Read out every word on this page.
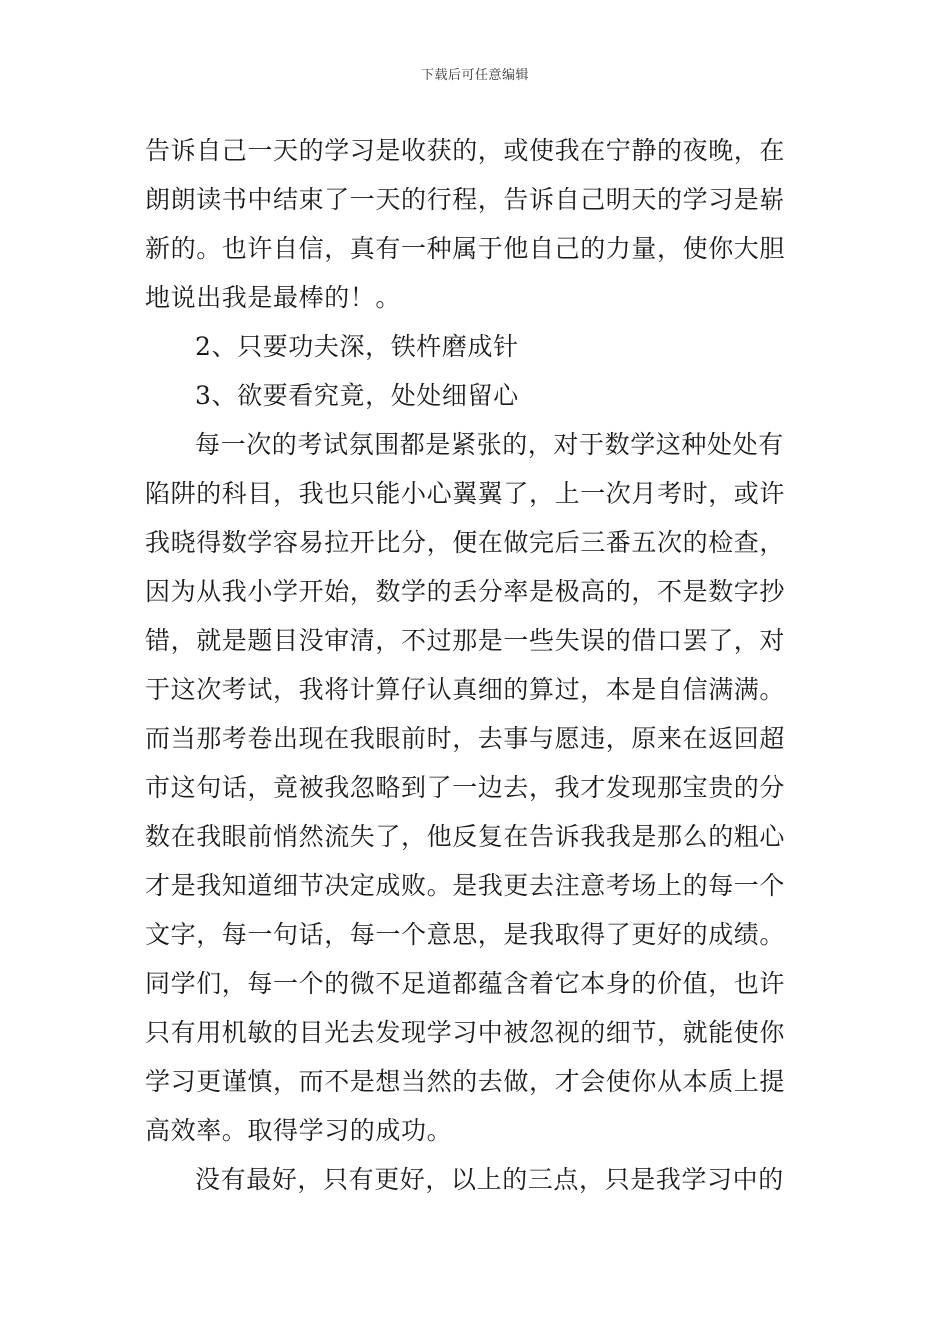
下载后可任意编辑
告诉自己一天的学习是收获的，或使我在宁静的夜晚，在
朗朗读书中结束了一天的行程，告诉自己明天的学习是崭
新的。也许自信，真有一种属于他自己的力量，使你大胆
地说出我是最棒的！。
2、只要功夫深，铁杵磨成针
3、欲要看究竟，处处细留心
每一次的考试氛围都是紧张的，对于数学这种处处有
陷阱的科目，我也只能小心翼翼了，上一次月考时，或许
我晓得数学容易拉开比分，便在做完后三番五次的检查，
因为从我小学开始，数学的丢分率是极高的，不是数字抄
错，就是题目没审清，不过那是一些失误的借口罢了，对
于这次考试，我将计算仔认真细的算过，本是自信满满。
而当那考卷出现在我眼前时，去事与愿违，原来在返回超
市这句话，竟被我忽略到了一边去，我才发现那宝贵的分
数在我眼前悄然流失了，他反复在告诉我我是那么的粗心
才是我知道细节决定成败。是我更去注意考场上的每一个
文字，每一句话，每一个意思，是我取得了更好的成绩。
同学们，每一个的微不足道都蕴含着它本身的价值，也许
只有用机敏的目光去发现学习中被忽视的细节，就能使你
学习更谨慎，而不是想当然的去做，才会使你从本质上提
高效率。取得学习的成功。
没有最好，只有更好，以上的三点，只是我学习中的
